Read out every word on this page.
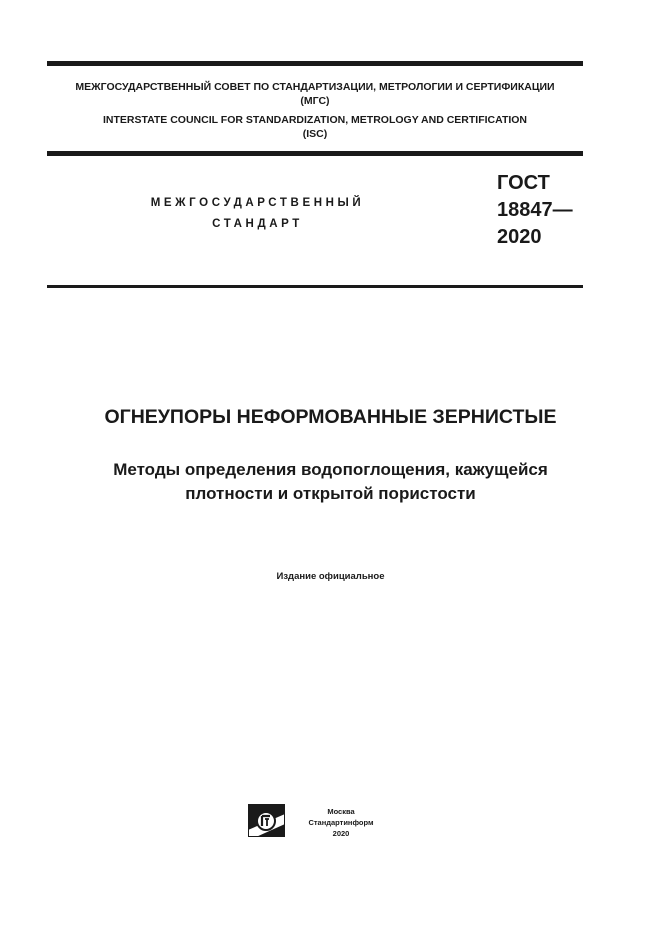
МЕЖГОСУДАРСТВЕННЫЙ СОВЕТ ПО СТАНДАРТИЗАЦИИ, МЕТРОЛОГИИ И СЕРТИФИКАЦИИ
(МГС)
INTERSTATE COUNCIL FOR STANDARDIZATION, METROLOGY AND CERTIFICATION
(ISC)
МЕЖГОСУДАРСТВЕННЫЙ
СТАНДАРТ
ГОСТ
18847—
2020
ОГНЕУПОРЫ НЕФОРМОВАННЫЕ ЗЕРНИСТЫЕ
Методы определения водопоглощения, кажущейся
плотности и открытой пористости
Издание официальное
Москва
Стандартинформ
2020
